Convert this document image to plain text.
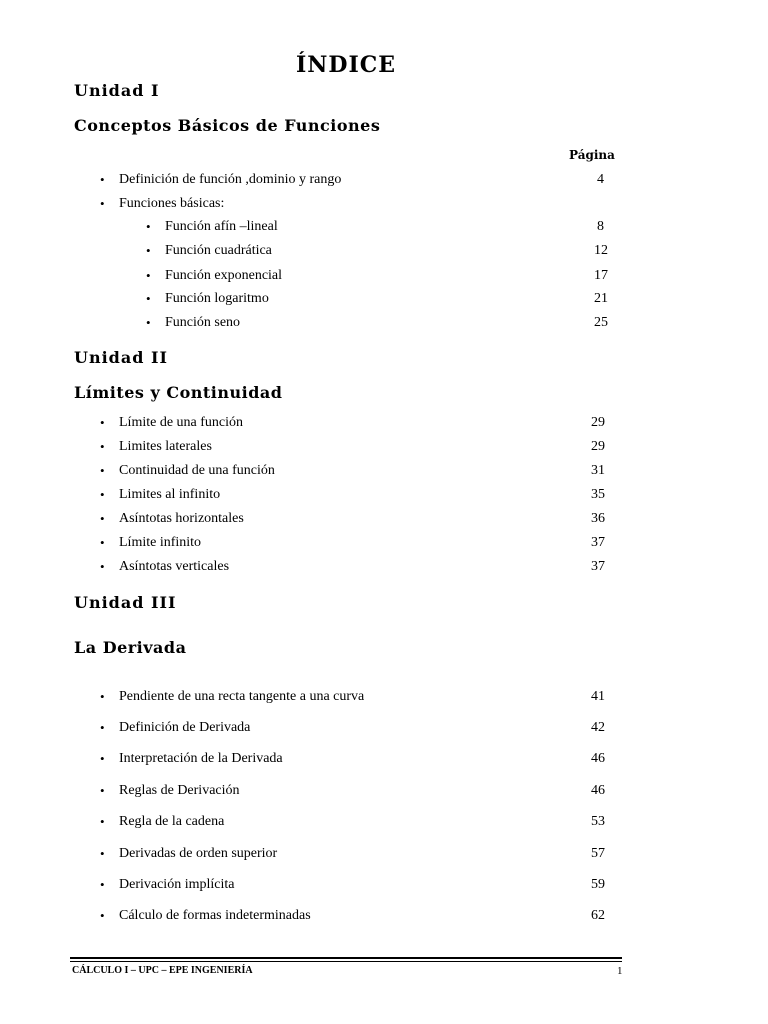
ÍNDICE
Unidad I
Conceptos Básicos de Funciones
Página
• Definición de función ,dominio y rango	4
• Funciones básicas:
• Función afín –lineal	8
• Función cuadrática	12
• Función exponencial	17
• Función logaritmo	21
• Función seno	25
Unidad II
Límites y Continuidad
• Límite de una función	29
• Limites laterales	29
• Continuidad de una función	31
• Limites al infinito	35
• Asíntotas horizontales	36
• Límite infinito	37
• Asíntotas verticales	37
Unidad III
La Derivada
• Pendiente de una recta tangente a una curva	41
• Definición de Derivada	42
• Interpretación de la Derivada	46
• Reglas de Derivación	46
• Regla de la cadena	53
• Derivadas de orden superior	57
• Derivación implícita	59
• Cálculo de formas indeterminadas	62
CÁLCULO I – UPC – EPE INGENIERÍA	1
